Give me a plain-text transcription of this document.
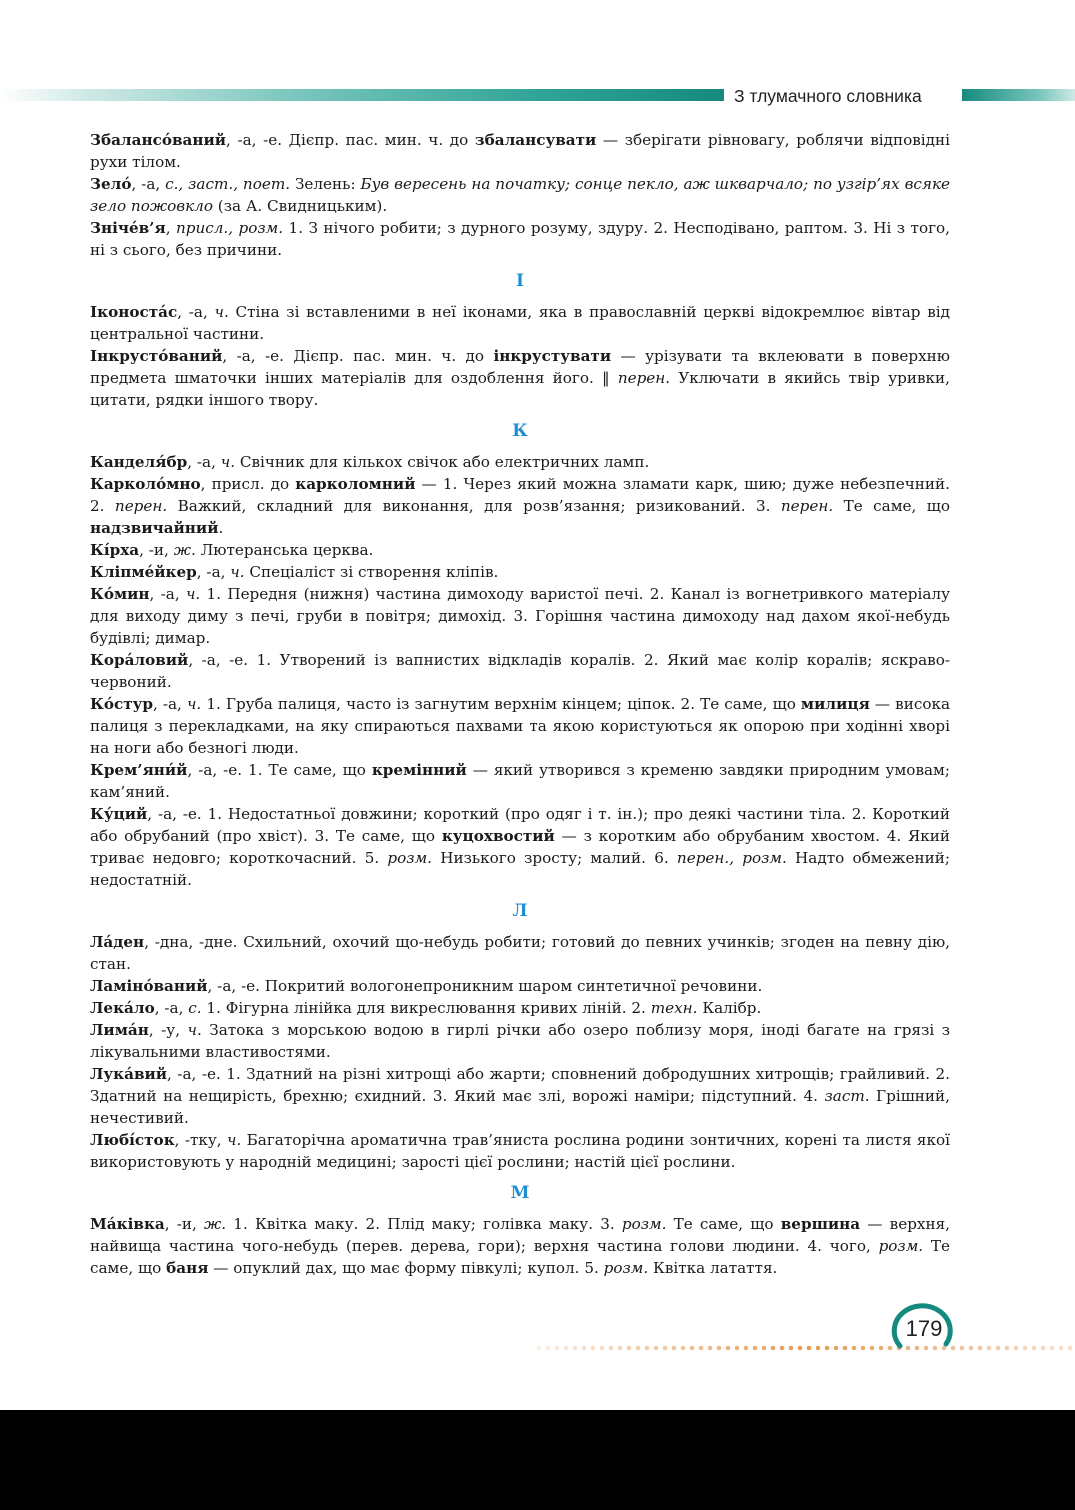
З тлумачного словника

Збалансо́ваний, -а, -е. Дієпр. пас. мин. ч. до збалансувати — зберігати рівновагу, роблячи відповідні рухи тілом.

Зело́, -а, с., заст., поет. Зелень: Був вересень на початку; сонце пекло, аж шкварчало; по узгір’ях всяке зело пожовкло (за А. Свидницьким).

Зніче́в’я, присл., розм. 1. З нічого робити; з дурного розуму, здуру. 2. Несподівано, раптом. 3. Ні з того, ні з сього, без причини.

І

Іконоста́с, -а, ч. Стіна зі вставленими в неї іконами, яка в православній церкві відокремлює вівтар від центральної частини.

Інкрусто́ваний, -а, -е. Дієпр. пас. мин. ч. до інкрустувати — урізувати та вклеювати в поверхню предмета шматочки інших матеріалів для оздоблення його. ‖ перен. Уключати в якийсь твір уривки, цитати, рядки іншого твору.

К

Канделя́бр, -а, ч. Свічник для кількох свічок або електричних ламп.

Карколо́мно, присл. до карколомний — 1. Через який можна зламати карк, шию; дуже небезпечний. 2. перен. Важкий, складний для виконання, для розв’язання; ризикований. 3. перен. Те саме, що надзвичайний.

Кі́рха, -и, ж. Лютеранська церква.

Кліпме́йкер, -а, ч. Спеціаліст зі створення кліпів.

Ко́мин, -а, ч. 1. Передня (нижня) частина димоходу варистої печі. 2. Канал із вогнетривкого матеріалу для виходу диму з печі, груби в повітря; димохід. 3. Горішня частина димоходу над дахом якої-небудь будівлі; димар.

Кора́ловий, -а, -е. 1. Утворений із вапнистих відкладів коралів. 2. Який має колір коралів; яскраво-червоний.

Ко́стур, -а, ч. 1. Груба палиця, часто із загнутим верхнім кінцем; ціпок. 2. Те саме, що милиця — висока палиця з перекладками, на яку спираються пахвами та якою користуються як опорою при ходінні хворі на ноги або безногі люди.

Крем’яни́й, -а, -е. 1. Те саме, що кремінний — який утворився з кременю завдяки природним умовам; кам’яний.

Ку́ций, -а, -е. 1. Недостатньої довжини; короткий (про одяг і т. ін.); про деякі частини тіла. 2. Короткий або обрубаний (про хвіст). 3. Те саме, що куцохвостий — з коротким або обрубаним хвостом. 4. Який триває недовго; короткочасний. 5. розм. Низького зросту; малий. 6. перен., розм. Надто обмежений; недостатній.

Л

Ла́ден, -дна, -дне. Схильний, охочий що-небудь робити; готовий до певних учинків; згоден на певну дію, стан.

Ламіно́ваний, -а, -е. Покритий вологонепроникним шаром синтетичної речовини.

Лека́ло, -а, с. 1. Фігурна лінійка для викреслювання кривих ліній. 2. техн. Калібр.

Лима́н, -у, ч. Затока з морською водою в гирлі річки або озеро поблизу моря, іноді багате на грязі з лікувальними властивостями.

Лука́вий, -а, -е. 1. Здатний на різні хитрощі або жарти; сповнений добродушних хитрощів; грайливий. 2. Здатний на нещирість, брехню; єхидний. 3. Який має злі, ворожі наміри; підступний. 4. заст. Грішний, нечестивий.

Любі́сток, -тку, ч. Багаторічна ароматична трав’яниста рослина родини зонтичних, корені та листя якої використовують у народній медицині; зарості цієї рослини; настій цієї рослини.

М

Ма́ківка, -и, ж. 1. Квітка маку. 2. Плід маку; голівка маку. 3. розм. Те саме, що вершина — верхня, найвища частина чого-небудь (перев. дерева, гори); верхня частина голови людини. 4. чого, розм. Те саме, що баня — опуклий дах, що має форму півкулі; купол. 5. розм. Квітка латаття.

179
